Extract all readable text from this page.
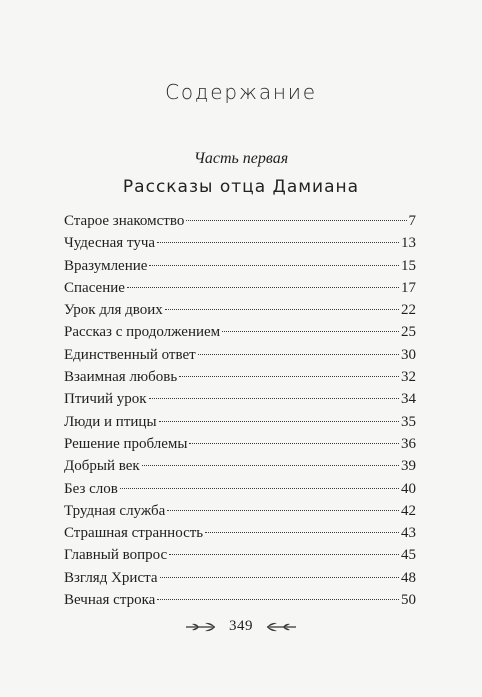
Содержание
Часть первая
Рассказы отца Дамиана
Старое знакомство	7
Чудесная туча	13
Вразумление	15
Спасение	17
Урок для двоих	22
Рассказ с продолжением	25
Единственный ответ	30
Взаимная любовь	32
Птичий урок	34
Люди и птицы	35
Решение проблемы	36
Добрый век	39
Без слов	40
Трудная служба	42
Страшная странность	43
Главный вопрос	45
Взгляд Христа	48
Вечная строка	50
349
